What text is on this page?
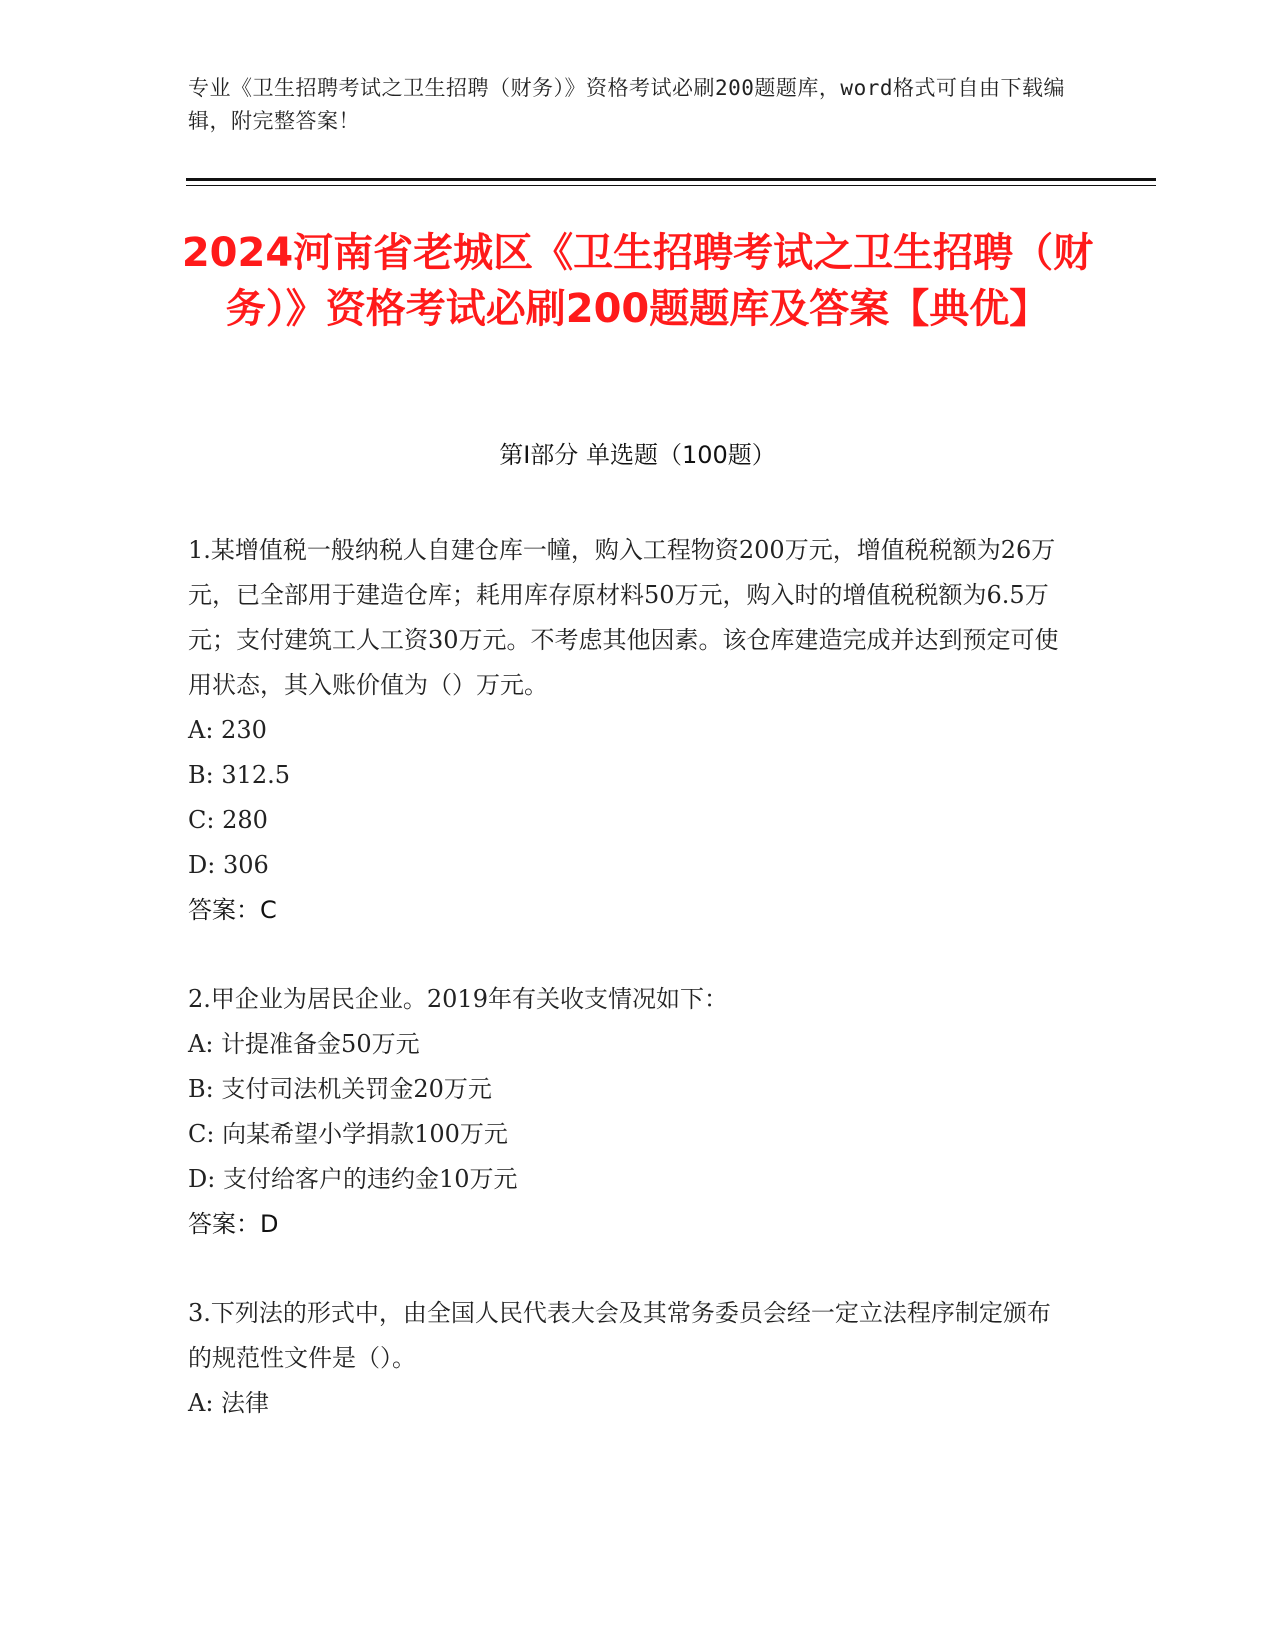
专业《卫生招聘考试之卫生招聘（财务）》资格考试必刷200题题库，word格式可自由下载编辑，附完整答案！
2024河南省老城区《卫生招聘考试之卫生招聘（财务）》资格考试必刷200题题库及答案【典优】
第I部分 单选题（100题）

1.某增值税一般纳税人自建仓库一幢，购入工程物资200万元，增值税税额为26万元，已全部用于建造仓库；耗用库存原材料50万元，购入时的增值税税额为6.5万元；支付建筑工人工资30万元。不考虑其他因素。该仓库建造完成并达到预定可使用状态，其入账价值为（）万元。

A: 230

B: 312.5

C: 280

D: 306

答案：C

2.甲企业为居民企业。2019年有关收支情况如下：

A: 计提准备金50万元

B: 支付司法机关罚金20万元

C: 向某希望小学捐款100万元

D: 支付给客户的违约金10万元

答案：D

3.下列法的形式中，由全国人民代表大会及其常务委员会经一定立法程序制定颁布的规范性文件是（）。

A: 法律
